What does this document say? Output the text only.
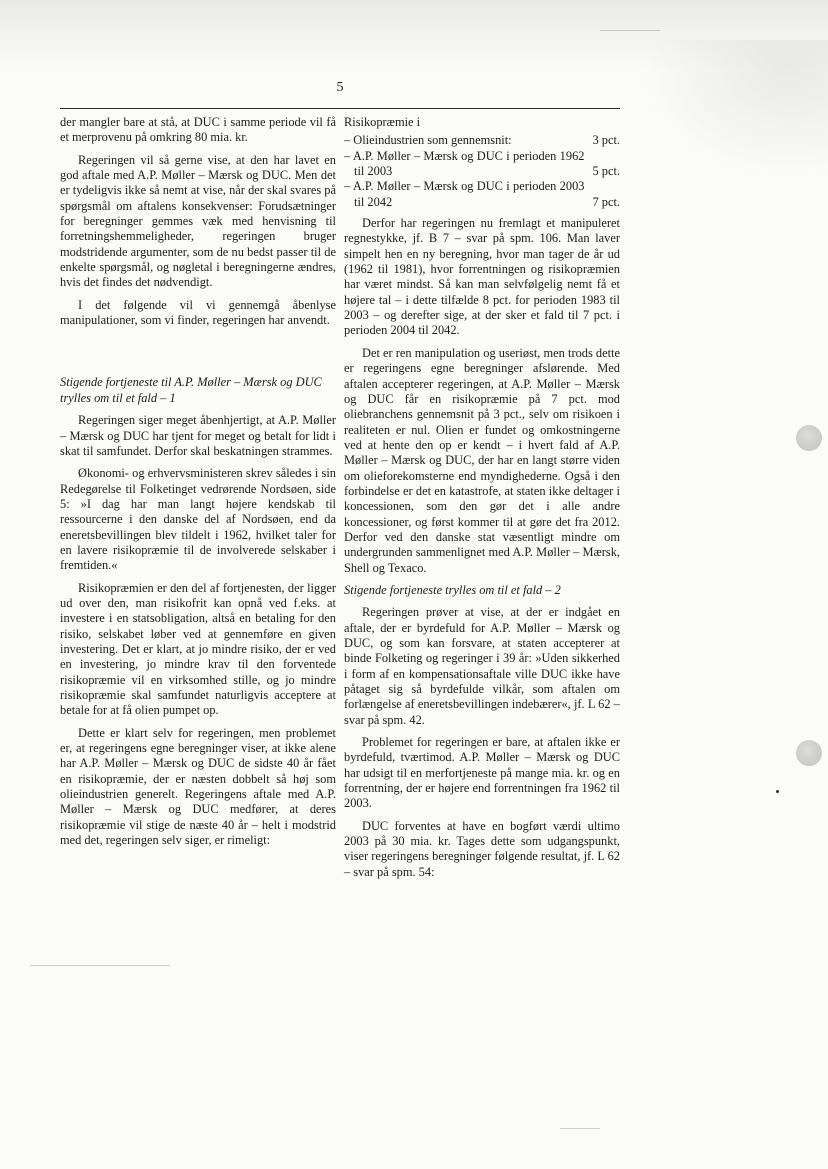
5

der mangler bare at stå, at DUC i samme periode vil få et merprovenu på omkring 80 mia. kr.

Regeringen vil så gerne vise, at den har lavet en god aftale med A.P. Møller – Mærsk og DUC. Men det er tydeligvis ikke så nemt at vise, når der skal svares på spørgsmål om aftalens konsekvenser: Forudsætninger for beregninger gemmes væk med henvisning til forretningshemmeligheder, regeringen bruger modstridende argumenter, som de nu bedst passer til de enkelte spørgsmål, og nøgletal i beregningerne ændres, hvis det findes det nødvendigt.

I det følgende vil vi gennemgå åbenlyse manipulationer, som vi finder, regeringen har anvendt.

Stigende fortjeneste til A.P. Møller – Mærsk og DUC trylles om til et fald – 1

Regeringen siger meget åbenhjertigt, at A.P. Møller – Mærsk og DUC har tjent for meget og betalt for lidt i skat til samfundet. Derfor skal beskatningen strammes.

Økonomi- og erhvervsministeren skrev således i sin Redegørelse til Folketinget vedrørende Nordsøen, side 5: »I dag har man langt højere kendskab til ressourcerne i den danske del af Nordsøen, end da eneretsbevillingen blev tildelt i 1962, hvilket taler for en lavere risikopræmie til de involverede selskaber i fremtiden.«

Risikopræmien er den del af fortjenesten, der ligger ud over den, man risikofrit kan opnå ved f.eks. at investere i en statsobligation, altså en betaling for den risiko, selskabet løber ved at gennemføre en given investering. Det er klart, at jo mindre risiko, der er ved en investering, jo mindre krav til den forventede risikopræmie vil en virksomhed stille, og jo mindre risikopræmie skal samfundet naturligvis acceptere at betale for at få olien pumpet op.

Dette er klart selv for regeringen, men problemet er, at regeringens egne beregninger viser, at ikke alene har A.P. Møller – Mærsk og DUC de sidste 40 år fået en risikopræmie, der er næsten dobbelt så høj som olieindustrien generelt. Regeringens aftale med A.P. Møller – Mærsk og DUC medfører, at deres risikopræmie vil stige de næste 40 år – helt i modstrid med det, regeringen selv siger, er rimeligt:

Risikopræmie i
– Olieindustrien som gennemsnit:	3 pct.
– A.P. Møller – Mærsk og DUC i perioden 1962 til 2003	5 pct.
– A.P. Møller – Mærsk og DUC i perioden 2003 til 2042	7 pct.

Derfor har regeringen nu fremlagt et manipuleret regnestykke, jf. B 7 – svar på spm. 106. Man laver simpelt hen en ny beregning, hvor man tager de år ud (1962 til 1981), hvor forrentningen og risikopræmien har været mindst. Så kan man selvfølgelig nemt få et højere tal – i dette tilfælde 8 pct. for perioden 1983 til 2003 – og derefter sige, at der sker et fald til 7 pct. i perioden 2004 til 2042.

Det er ren manipulation og useriøst, men trods dette er regeringens egne beregninger afslørende. Med aftalen accepterer regeringen, at A.P. Møller – Mærsk og DUC får en risikopræmie på 7 pct. mod oliebranchens gennemsnit på 3 pct., selv om risikoen i realiteten er nul. Olien er fundet og omkostningerne ved at hente den op er kendt – i hvert fald af A.P. Møller – Mærsk og DUC, der har en langt større viden om olieforekomsterne end myndighederne. Også i den forbindelse er det en katastrofe, at staten ikke deltager i koncessionen, som den gør det i alle andre koncessioner, og først kommer til at gøre det fra 2012. Derfor ved den danske stat væsentligt mindre om undergrunden sammenlignet med A.P. Møller – Mærsk, Shell og Texaco.

Stigende fortjeneste trylles om til et fald – 2

Regeringen prøver at vise, at der er indgået en aftale, der er byrdefuld for A.P. Møller – Mærsk og DUC, og som kan forsvare, at staten accepterer at binde Folketing og regeringer i 39 år: »Uden sikkerhed i form af en kompensationsaftale ville DUC ikke have påtaget sig så byrdefulde vilkår, som aftalen om forlængelse af eneretsbevillingen indebærer«, jf. L 62 – svar på spm. 42.

Problemet for regeringen er bare, at aftalen ikke er byrdefuld, tværtimod. A.P. Møller – Mærsk og DUC har udsigt til en merfortjeneste på mange mia. kr. og en forrentning, der er højere end forrentningen fra 1962 til 2003.

DUC forventes at have en bogført værdi ultimo 2003 på 30 mia. kr. Tages dette som udgangspunkt, viser regeringens beregninger følgende resultat, jf. L 62 – svar på spm. 54:
